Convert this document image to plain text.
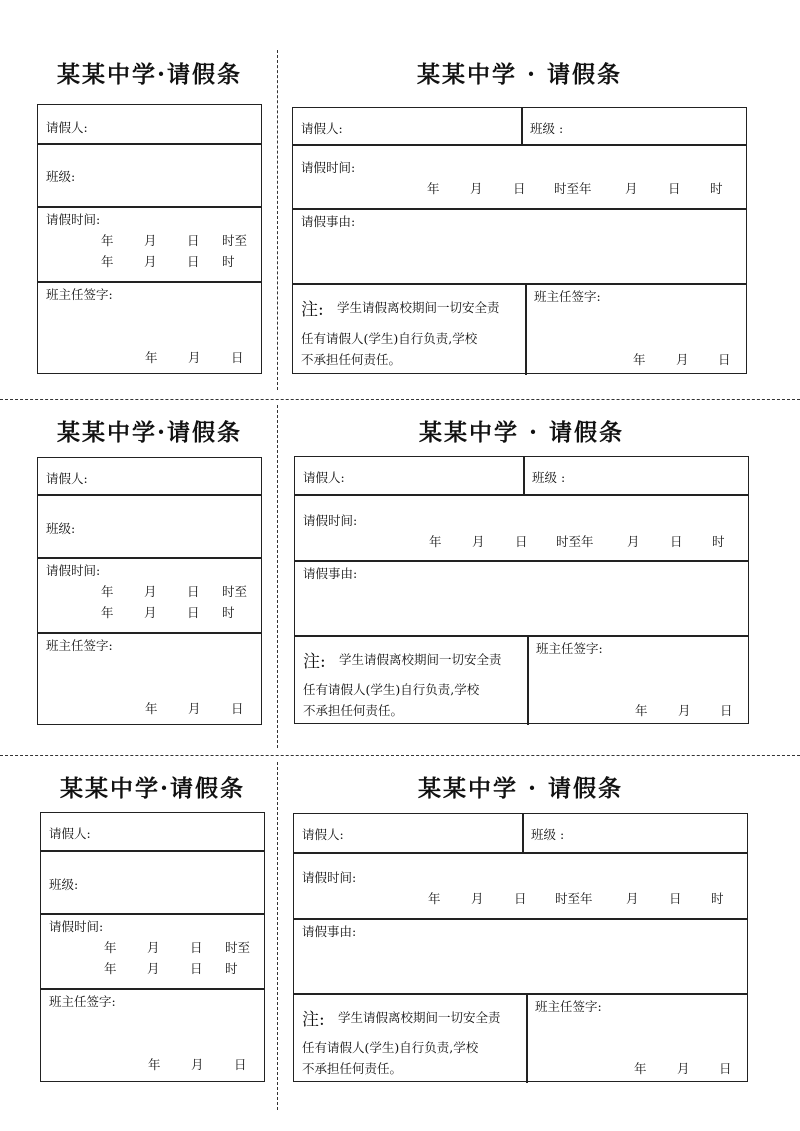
某某中学·请假条
请假人:
班级:
请假时间:
年 月 日 时至
年 月 日 时
班主任签字:
年 月 日
某某中学 · 请假条
请假人:	班级 :
请假时间:
年 月 日 时至年	月 日 时
请假事由:
注: 学生请假离校期间一切安全责
任有请假人(学生)自行负责,学校
不承担任何责任。
班主任签字:
年 月 日
某某中学·请假条
请假人:
班级:
请假时间:
年 月 日 时至
年 月 日 时
班主任签字:
年 月 日
某某中学 · 请假条
请假人:	班级 :
请假时间:
年 月 日 时至年	月 日 时
请假事由:
注: 学生请假离校期间一切安全责
任有请假人(学生)自行负责,学校
不承担任何责任。
班主任签字:
年 月 日
某某中学·请假条
请假人:
班级:
请假时间:
年 月 日 时至
年 月 日 时
班主任签字:
年 月 日
某某中学 · 请假条
请假人:	班级 :
请假时间:
年 月 日 时至年	月 日 时
请假事由:
注: 学生请假离校期间一切安全责
任有请假人(学生)自行负责,学校
不承担任何责任。
班主任签字:
年 月 日
